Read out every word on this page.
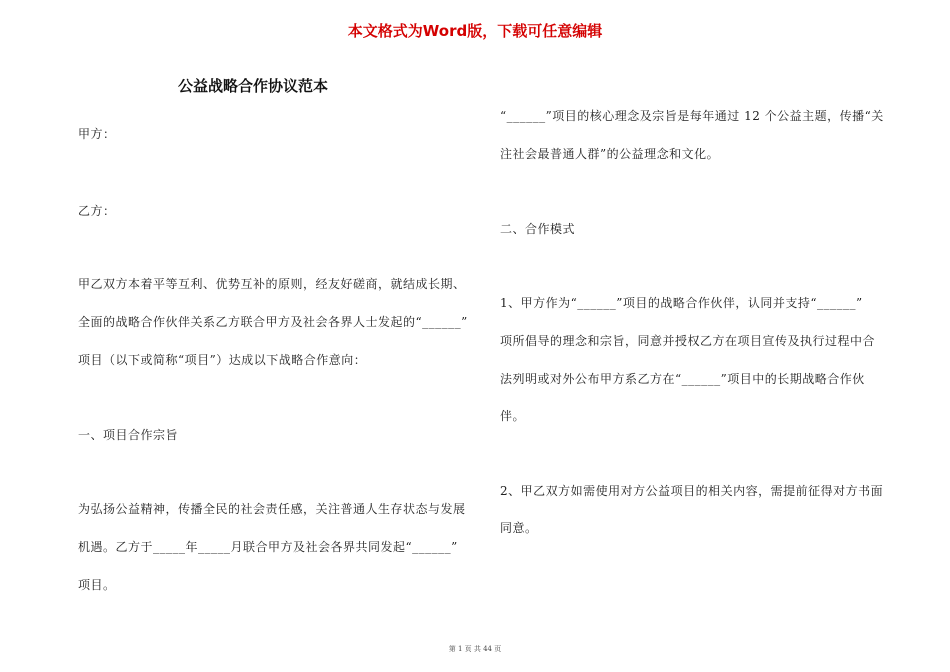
本文格式为Word版，下载可任意编辑
公益战略合作协议范本

甲方：

乙方：

甲乙双方本着平等互利、优势互补的原则，经友好磋商，就结成长期、

全面的战略合作伙伴关系乙方联合甲方及社会各界人士发起的“______”

项目（以下或简称“项目”）达成以下战略合作意向：

一、项目合作宗旨

为弘扬公益精神，传播全民的社会责任感，关注普通人生存状态与发展

机遇。乙方于_____年_____月联合甲方及社会各界共同发起“______”

项目。

“______”项目的核心理念及宗旨是每年通过 12 个公益主题，传播“关

注社会最普通人群”的公益理念和文化。

二、合作模式

1、甲方作为“______”项目的战略合作伙伴，认同并支持“______”

项所倡导的理念和宗旨，同意并授权乙方在项目宣传及执行过程中合

法列明或对外公布甲方系乙方在“______”项目中的长期战略合作伙

伴。

2、甲乙双方如需使用对方公益项目的相关内容，需提前征得对方书面

同意。

第 1 页 共 44 页
